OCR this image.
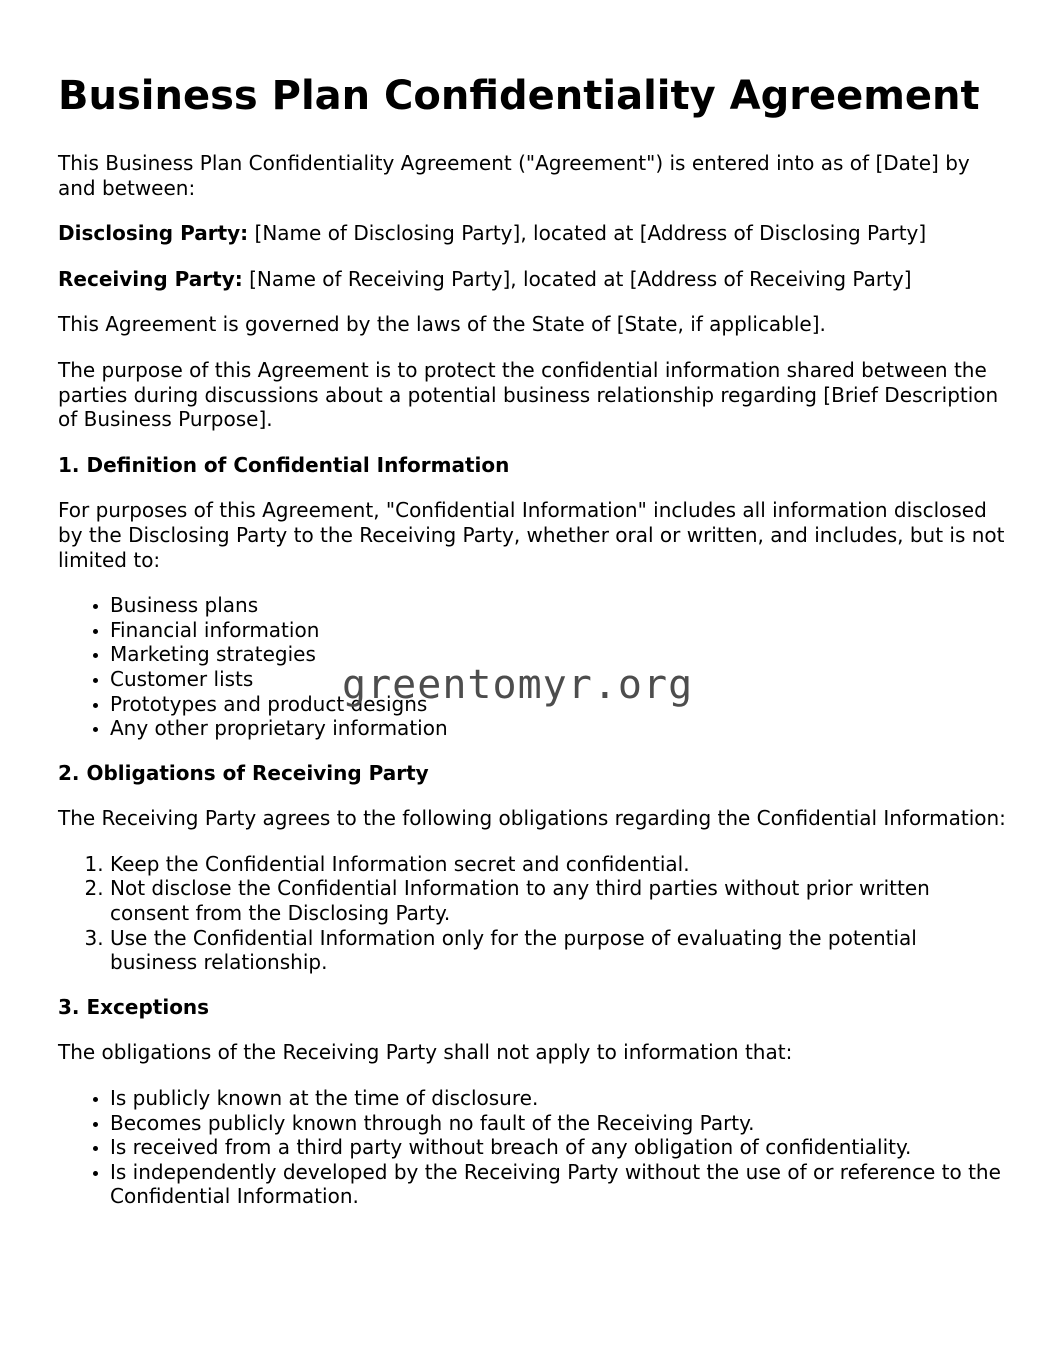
Business Plan Confidentiality Agreement

This Business Plan Confidentiality Agreement ("Agreement") is entered into as of [Date] by and between:

Disclosing Party: [Name of Disclosing Party], located at [Address of Disclosing Party]

Receiving Party: [Name of Receiving Party], located at [Address of Receiving Party]

This Agreement is governed by the laws of the State of [State, if applicable].

The purpose of this Agreement is to protect the confidential information shared between the parties during discussions about a potential business relationship regarding [Brief Description of Business Purpose].

1. Definition of Confidential Information

For purposes of this Agreement, "Confidential Information" includes all information disclosed by the Disclosing Party to the Receiving Party, whether oral or written, and includes, but is not limited to:

• Business plans
• Financial information
• Marketing strategies
• Customer lists
• Prototypes and product designs
• Any other proprietary information
2. Obligations of Receiving Party

The Receiving Party agrees to the following obligations regarding the Confidential Information:

1. Keep the Confidential Information secret and confidential.
2. Not disclose the Confidential Information to any third parties without prior written consent from the Disclosing Party.
3. Use the Confidential Information only for the purpose of evaluating the potential business relationship.
3. Exceptions

The obligations of the Receiving Party shall not apply to information that:

• Is publicly known at the time of disclosure.
• Becomes publicly known through no fault of the Receiving Party.
• Is received from a third party without breach of any obligation of confidentiality.
• Is independently developed by the Receiving Party without the use of or reference to the Confidential Information.
greentomyr.org
